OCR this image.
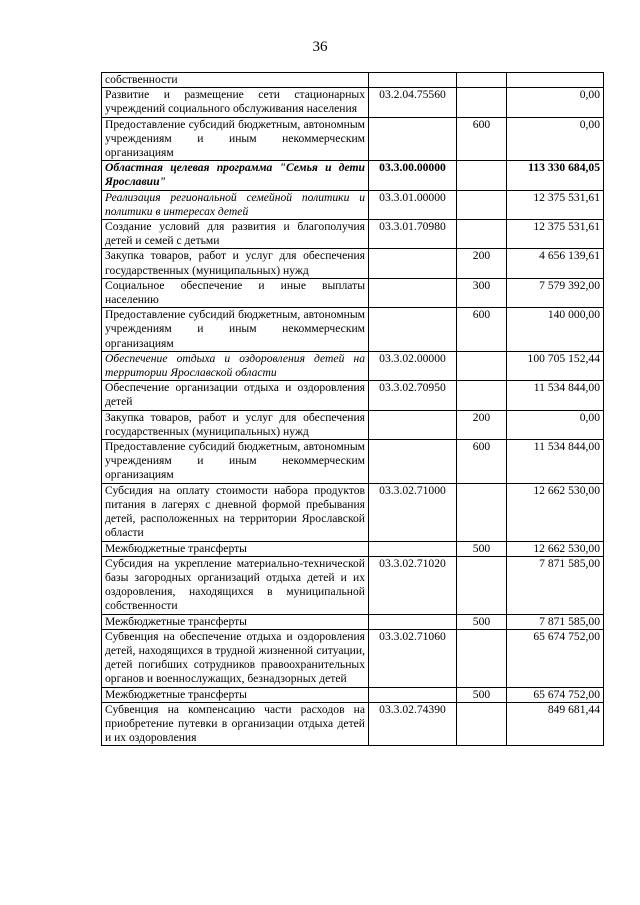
36
собственности			
Развитие и размещение сети стационарных учреждений социального обслуживания населения	03.2.04.75560		0,00
Предоставление субсидий бюджетным, автономным учреждениям и иным некоммерческим организациям		600	0,00
Областная целевая программа "Семья и дети Ярославии"	03.3.00.00000		113 330 684,05
Реализация региональной семейной политики и политики в интересах детей	03.3.01.00000		12 375 531,61
Создание условий для развития и благополучия детей и семей с детьми	03.3.01.70980		12 375 531,61
Закупка товаров, работ и услуг для обеспечения государственных (муниципальных) нужд		200	4 656 139,61
Социальное обеспечение и иные выплаты населению		300	7 579 392,00
Предоставление субсидий бюджетным, автономным учреждениям и иным некоммерческим организациям		600	140 000,00
Обеспечение отдыха и оздоровления детей на территории Ярославской области	03.3.02.00000		100 705 152,44
Обеспечение организации отдыха и оздоровления детей	03.3.02.70950		11 534 844,00
Закупка товаров, работ и услуг для обеспечения государственных (муниципальных) нужд		200	0,00
Предоставление субсидий бюджетным, автономным учреждениям и иным некоммерческим организациям		600	11 534 844,00
Субсидия на оплату стоимости набора продуктов питания в лагерях с дневной формой пребывания детей, расположенных на территории Ярославской области	03.3.02.71000		12 662 530,00
Межбюджетные трансферты		500	12 662 530,00
Субсидия на укрепление материально-технической базы загородных организаций отдыха детей и их оздоровления, находящихся в муниципальной собственности	03.3.02.71020		7 871 585,00
Межбюджетные трансферты		500	7 871 585,00
Субвенция на обеспечение отдыха и оздоровления детей, находящихся в трудной жизненной ситуации, детей погибших сотрудников правоохранительных органов и военнослужащих, безнадзорных детей	03.3.02.71060		65 674 752,00
Межбюджетные трансферты		500	65 674 752,00
Субвенция на компенсацию части расходов на приобретение путевки в организации отдыха детей и их оздоровления	03.3.02.74390		849 681,44
